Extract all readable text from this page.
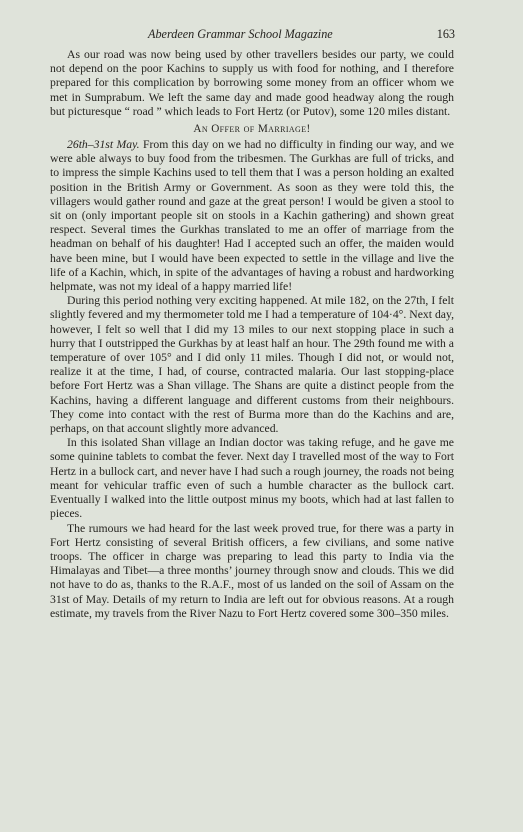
Aberdeen Grammar School Magazine	163

As our road was now being used by other travellers besides our party, we could not depend on the poor Kachins to supply us with food for nothing, and I therefore prepared for this complication by borrowing some money from an officer whom we met in Sumprabum. We left the same day and made good headway along the rough but picturesque “ road ” which leads to Fort Hertz (or Putov), some 120 miles distant.

An Offer of Marriage!

26th–31st May. From this day on we had no difficulty in finding our way, and we were able always to buy food from the tribesmen. The Gurkhas are full of tricks, and to impress the simple Kachins used to tell them that I was a person holding an exalted position in the British Army or Government. As soon as they were told this, the villagers would gather round and gaze at the great person! I would be given a stool to sit on (only important people sit on stools in a Kachin gathering) and shown great respect. Several times the Gurkhas translated to me an offer of marriage from the headman on behalf of his daughter! Had I accepted such an offer, the maiden would have been mine, but I would have been expected to settle in the village and live the life of a Kachin, which, in spite of the advantages of having a robust and hardworking helpmate, was not my ideal of a happy married life!

During this period nothing very exciting happened. At mile 182, on the 27th, I felt slightly fevered and my thermometer told me I had a temperature of 104·4°. Next day, however, I felt so well that I did my 13 miles to our next stopping place in such a hurry that I outstripped the Gurkhas by at least half an hour. The 29th found me with a temperature of over 105° and I did only 11 miles. Though I did not, or would not, realize it at the time, I had, of course, contracted malaria. Our last stopping-place before Fort Hertz was a Shan village. The Shans are quite a distinct people from the Kachins, having a different language and different customs from their neighbours. They come into contact with the rest of Burma more than do the Kachins and are, perhaps, on that account slightly more advanced.

In this isolated Shan village an Indian doctor was taking refuge, and he gave me some quinine tablets to combat the fever. Next day I travelled most of the way to Fort Hertz in a bullock cart, and never have I had such a rough journey, the roads not being meant for vehicular traffic even of such a humble character as the bullock cart. Eventually I walked into the little outpost minus my boots, which had at last fallen to pieces.

The rumours we had heard for the last week proved true, for there was a party in Fort Hertz consisting of several British officers, a few civilians, and some native troops. The officer in charge was preparing to lead this party to India via the Himalayas and Tibet—a three months’ journey through snow and clouds. This we did not have to do as, thanks to the R.A.F., most of us landed on the soil of Assam on the 31st of May. Details of my return to India are left out for obvious reasons. At a rough estimate, my travels from the River Nazu to Fort Hertz covered some 300–350 miles.
